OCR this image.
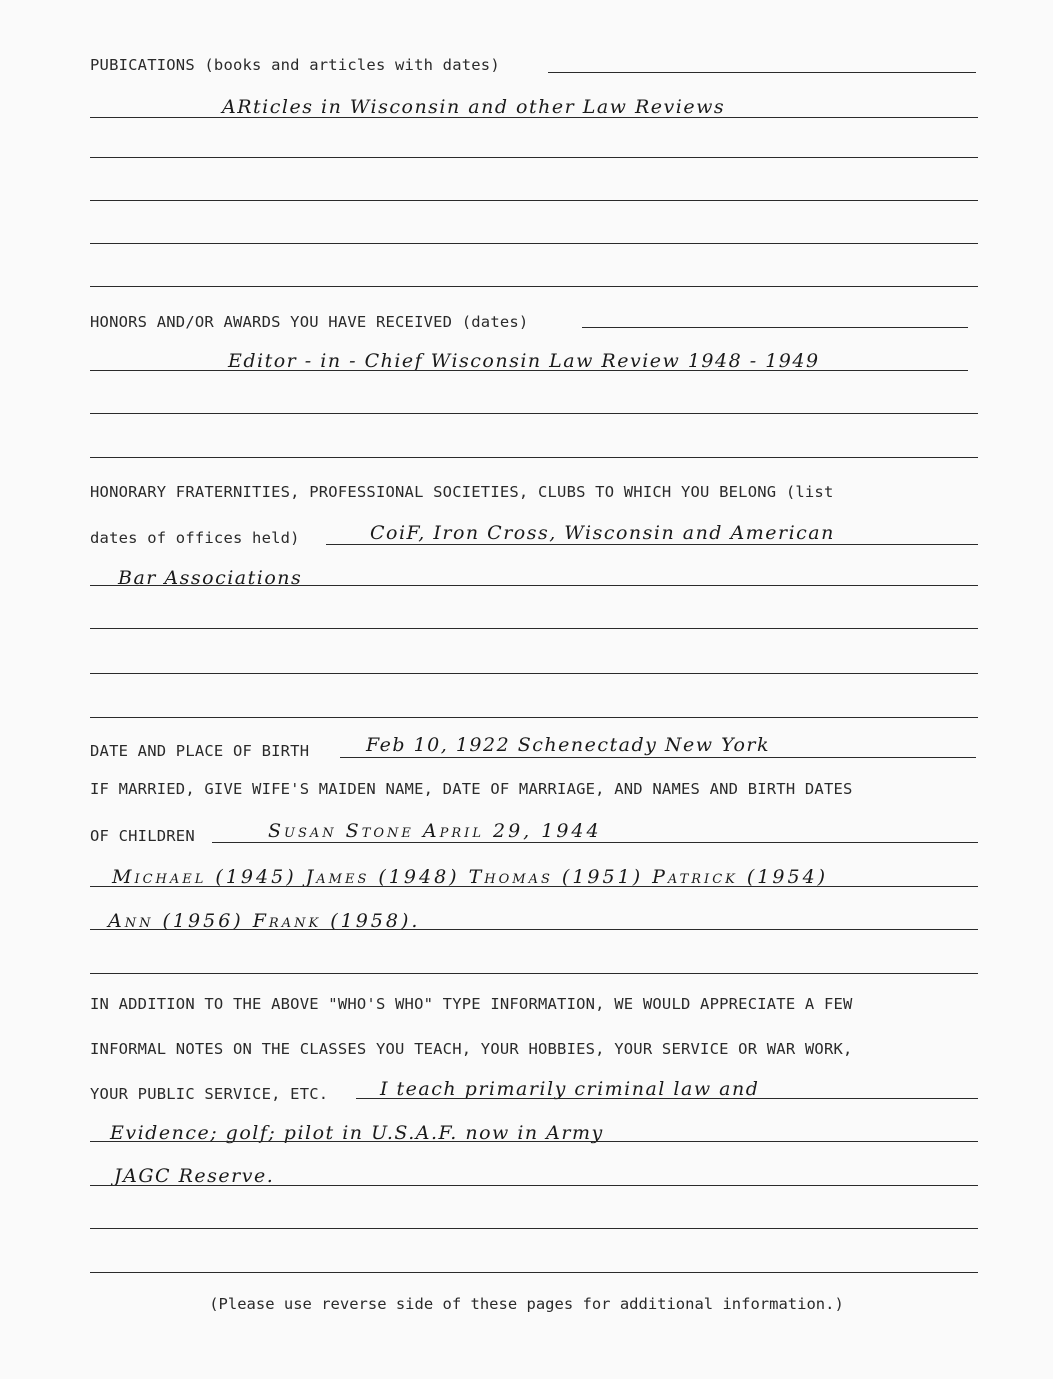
PUBICATIONS (books and articles with dates)
ARticles in Wisconsin and other Law Reviews
HONORS AND/OR AWARDS YOU HAVE RECEIVED (dates)
Editor - in - Chief Wisconsin Law Review 1948 - 1949
HONORARY FRATERNITIES, PROFESSIONAL SOCIETIES, CLUBS TO WHICH YOU BELONG (list
dates of offices held)	CoiF, Iron Cross, Wisconsin and American
Bar Associations
DATE AND PLACE OF BIRTH	Feb 10, 1922 Schenectady New York
IF MARRIED, GIVE WIFE'S MAIDEN NAME, DATE OF MARRIAGE, AND NAMES AND BIRTH DATES
OF CHILDREN	Susan Stone April 29, 1944
Michael (1945) James (1948) Thomas (1951) Patrick (1954)
Ann (1956) Frank (1958).
IN ADDITION TO THE ABOVE "WHO'S WHO" TYPE INFORMATION, WE WOULD APPRECIATE A FEW
INFORMAL NOTES ON THE CLASSES YOU TEACH, YOUR HOBBIES, YOUR SERVICE OR WAR WORK,
YOUR PUBLIC SERVICE, ETC.	I teach primarily criminal law and
Evidence; golf; pilot in U.S.A.F. now in Army
JAGC Reserve.
(Please use reverse side of these pages for additional information.)
